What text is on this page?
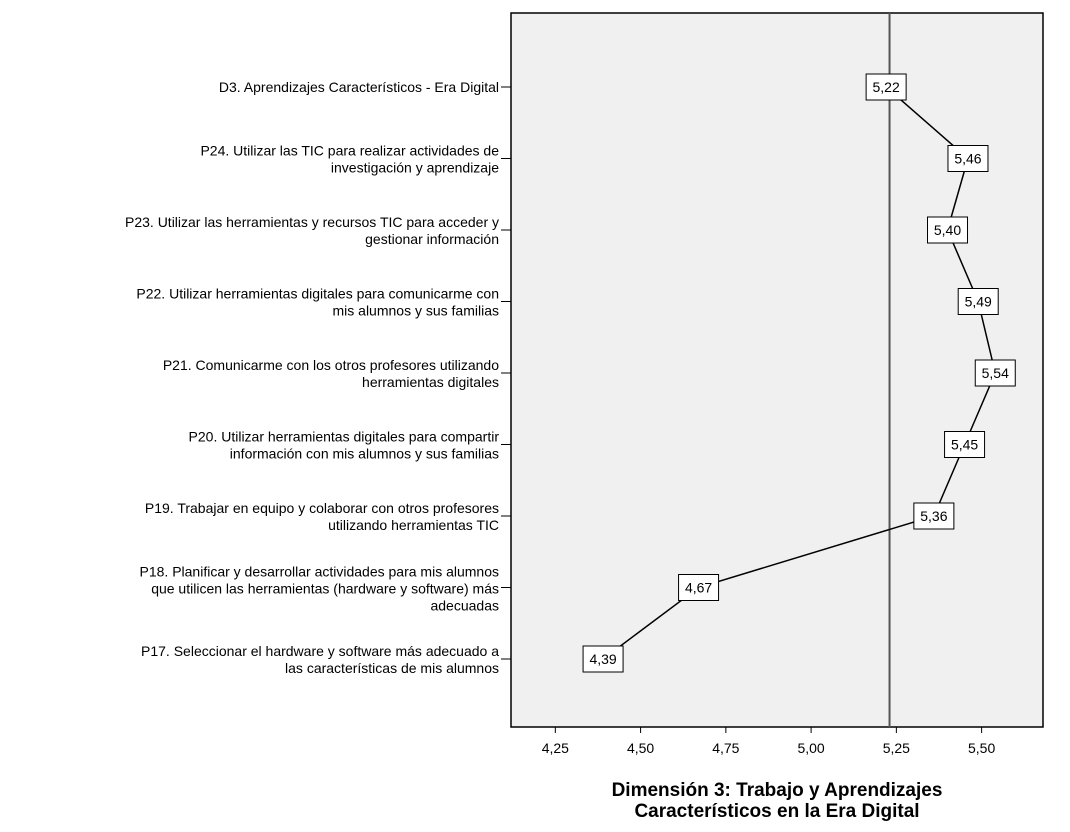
4,25	4,50	4,75	5,00	5,25	5,50
D3. Aprendizajes Característicos - Era Digital
P24. Utilizar las TIC para realizar actividades de investigación y aprendizaje
P23. Utilizar las herramientas y recursos TIC para acceder y gestionar información
P22. Utilizar herramientas digitales para comunicarme con mis alumnos y sus familias
P21. Comunicarme con los otros profesores utilizando herramientas digitales
P20. Utilizar herramientas digitales para compartir información con mis alumnos y sus familias
P19. Trabajar en equipo y colaborar con otros profesores utilizando herramientas TIC
P18. Planificar y desarrollar actividades para mis alumnos que utilicen las herramientas (hardware y software) más adecuadas
P17. Seleccionar el hardware y software más adecuado a las características de mis alumnos
5,22
5,46
5,40
5,49
5,54
5,45
5,36
4,67
4,39
Dimensión 3: Trabajo y Aprendizajes Característicos en la Era Digital
